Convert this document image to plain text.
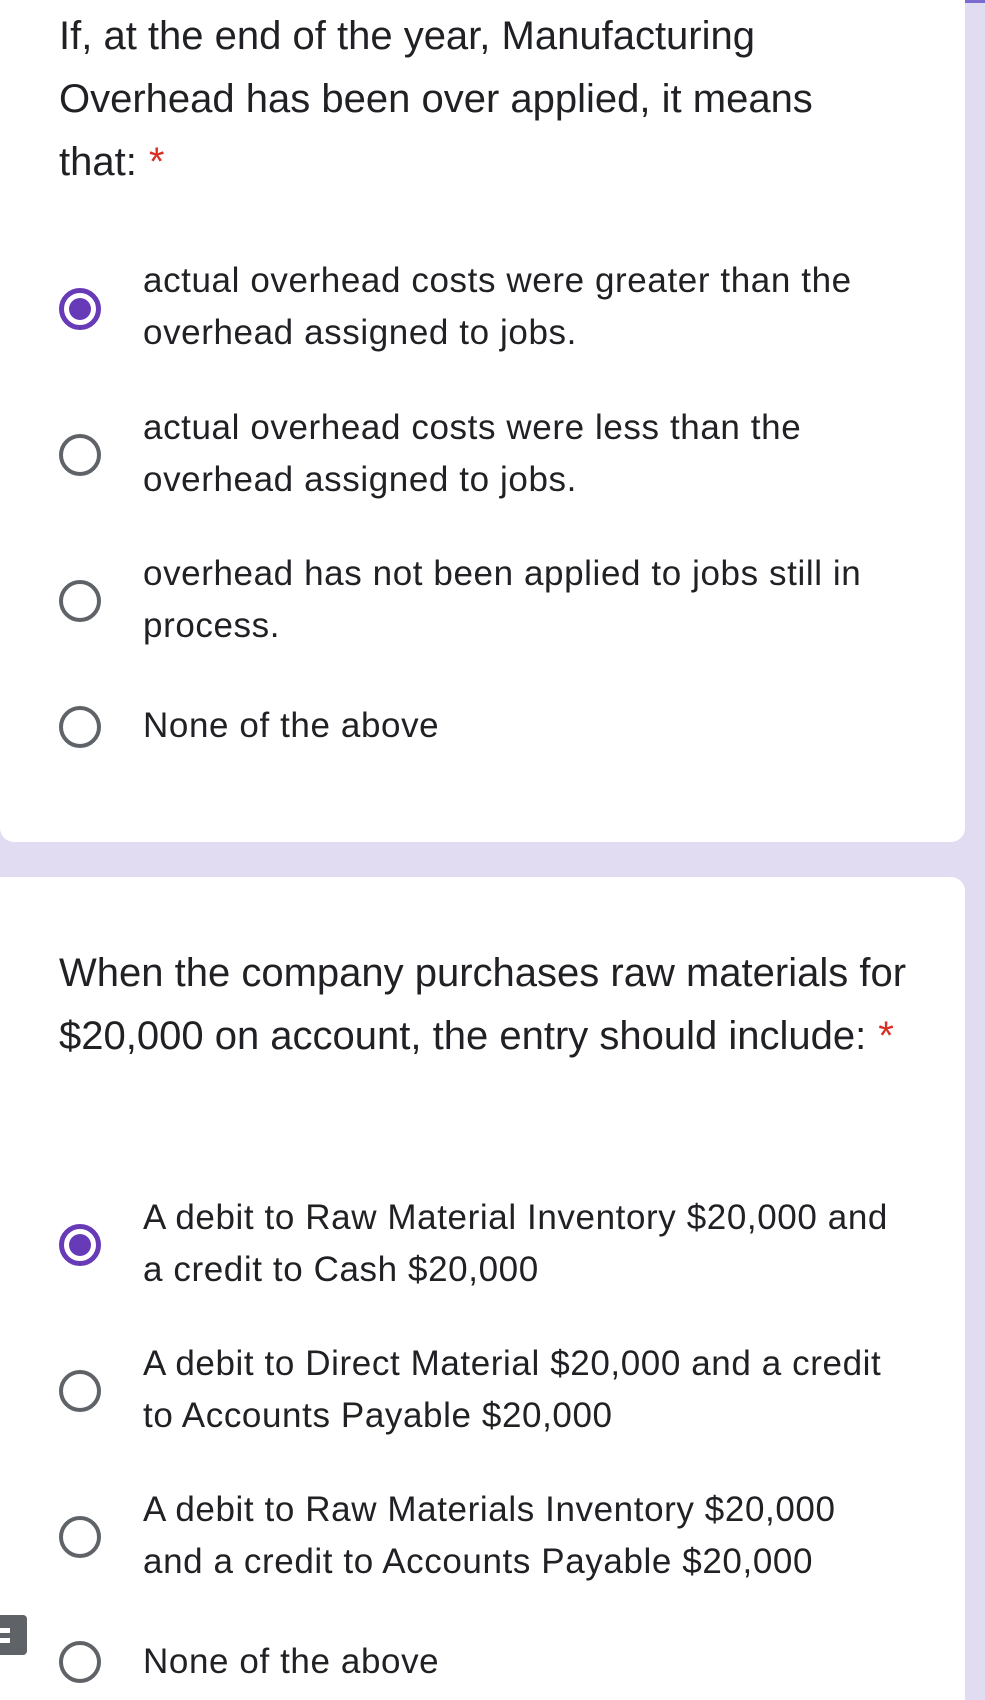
If, at the end of the year, Manufacturing Overhead has been over applied, it means that: *

actual overhead costs were greater than the overhead assigned to jobs.
actual overhead costs were less than the overhead assigned to jobs.
overhead has not been applied to jobs still in process.
None of the above

When the company purchases raw materials for $20,000 on account, the entry should include: *

A debit to Raw Material Inventory $20,000 and a credit to Cash $20,000
A debit to Direct Material $20,000 and a credit to Accounts Payable $20,000
A debit to Raw Materials Inventory $20,000 and a credit to Accounts Payable $20,000
None of the above
